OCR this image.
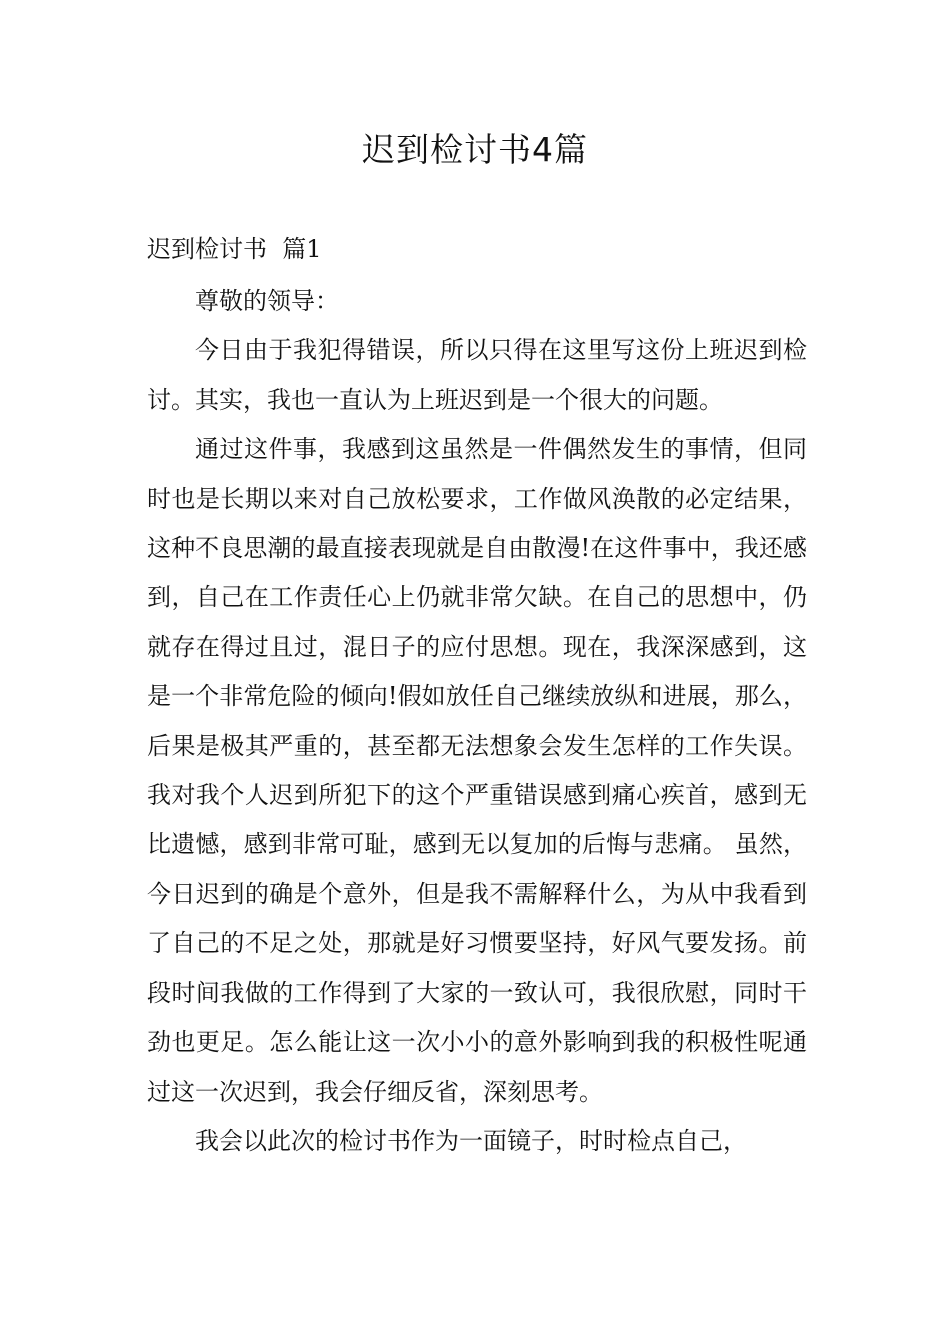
迟到检讨书4篇
迟到检讨书  篇1

尊敬的领导：

今日由于我犯得错误，所以只得在这里写这份上班迟到检讨。其实，我也一直认为上班迟到是一个很大的问题。

通过这件事，我感到这虽然是一件偶然发生的事情，但同时也是长期以来对自己放松要求，工作做风涣散的必定结果，这种不良思潮的最直接表现就是自由散漫!在这件事中，我还感到，自己在工作责任心上仍就非常欠缺。在自己的思想中，仍就存在得过且过，混日子的应付思想。现在，我深深感到，这是一个非常危险的倾向!假如放任自己继续放纵和进展，那么，后果是极其严重的，甚至都无法想象会发生怎样的工作失误。我对我个人迟到所犯下的这个严重错误感到痛心疾首，感到无比遗憾，感到非常可耻，感到无以复加的后悔与悲痛。 虽然，今日迟到的确是个意外，但是我不需解释什么，为从中我看到了自己的不足之处，那就是好习惯要坚持，好风气要发扬。前段时间我做的工作得到了大家的一致认可，我很欣慰，同时干劲也更足。怎么能让这一次小小的意外影响到我的积极性呢通过这一次迟到，我会仔细反省，深刻思考。

我会以此次的检讨书作为一面镜子，时时检点自己，
